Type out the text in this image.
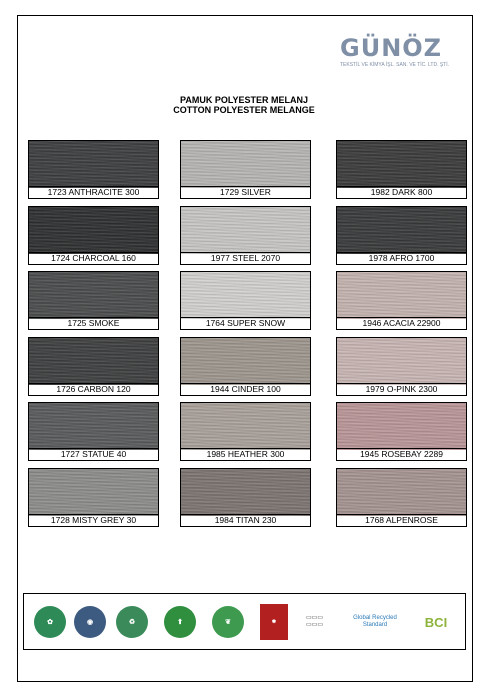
GÜNÖZ
TEKSTİL VE KİMYA İŞL. SAN. VE TİC. LTD. ŞTİ.
PAMUK POLYESTER MELANJ
COTTON POLYESTER MELANGE
1723 ANTHRACITE 300	1729 SILVER	1982 DARK 800
1724 CHARCOAL 160	1977 STEEL 2070	1978 AFRO 1700
1725 SMOKE	1764 SUPER SNOW	1946 ACACIA 22900
1726 CARBON 120	1944 CINDER 100	1979 O-PINK 2300
1727 STATUE 40	1985 HEATHER 300	1945 ROSEBAY 2289
1728 MISTY GREY 30	1984 TITAN 230	1768 ALPENROSE
✿	◉	♻	⬆	❦	✽
▭▭▭
▭▭▭
Global Recycled Standard	BCI
